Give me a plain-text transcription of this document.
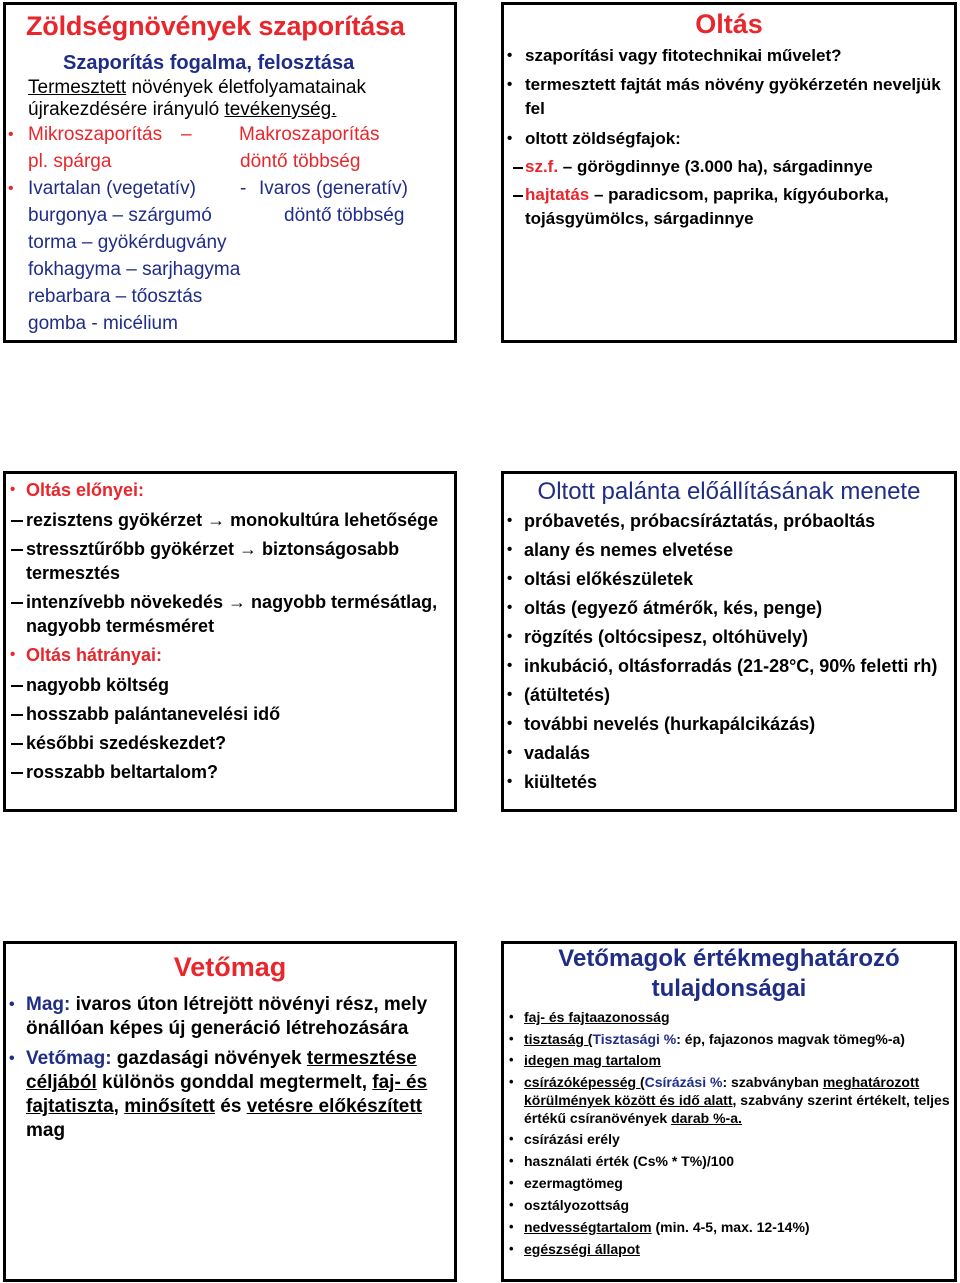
Zöldségnövények szaporítása
Szaporítás fogalma, felosztása
Termesztett növények életfolyamatainak
újrakezdésére irányuló tevékenység.
• Mikroszaporítás – Makroszaporítás
pl. spárga	döntő többség
• Ivartalan (vegetatív) - Ivaros (generatív)
burgonya – szárgumó	döntő többség
torma – gyökérdugvány
fokhagyma – sarjhagyma
rebarbara – tőosztás
gomba - micélium
Oltás
• szaporítási vagy fitotechnikai művelet?
• termesztett fajtát más növény gyökérzetén neveljük fel
• oltott zöldségfajok:
sz.f. – görögdinnye (3.000 ha), sárgadinnye
hajtatás – paradicsom, paprika, kígyóuborka, tojásgyümölcs, sárgadinnye
• Oltás előnyei:
rezisztens gyökérzet → monokultúra lehetősége
stressztűrőbb gyökérzet → biztonságosabb termesztés
intenzívebb növekedés → nagyobb termésátlag, nagyobb termésméret
• Oltás hátrányai:
nagyobb költség
hosszabb palántanevelési idő
későbbi szedéskezdet?
rosszabb beltartalom?
Oltott palánta előállításának menete
• próbavetés, próbacsíráztatás, próbaoltás
• alany és nemes elvetése
• oltási előkészületek
• oltás (egyező átmérők, kés, penge)
• rögzítés (oltócsipesz, oltóhüvely)
• inkubáció, oltásforradás (21-28°C, 90% feletti rh)
• (átültetés)
• további nevelés (hurkapálcikázás)
• vadalás
• kiültetés
Vetőmag
• Mag: ivaros úton létrejött növényi rész, mely önállóan képes új generáció létrehozására
• Vetőmag: gazdasági növények termesztése céljából különös gonddal megtermelt, faj- és fajtatiszta, minősített és vetésre előkészített mag
Vetőmagok értékmeghatározó tulajdonságai
• faj- és fajtaazonosság
• tisztaság (Tisztasági %: ép, fajazonos magvak tömeg%-a)
• idegen mag tartalom
• csírázóképesség (Csírázási %: szabványban meghatározott körülmények között és idő alatt, szabvány szerint értékelt, teljes értékű csíranövények darab %-a.
• csírázási erély
• használati érték (Cs% * T%)/100
• ezermagtömeg
• osztályozottság
• nedvességtartalom (min. 4-5, max. 12-14%)
• egészségi állapot
